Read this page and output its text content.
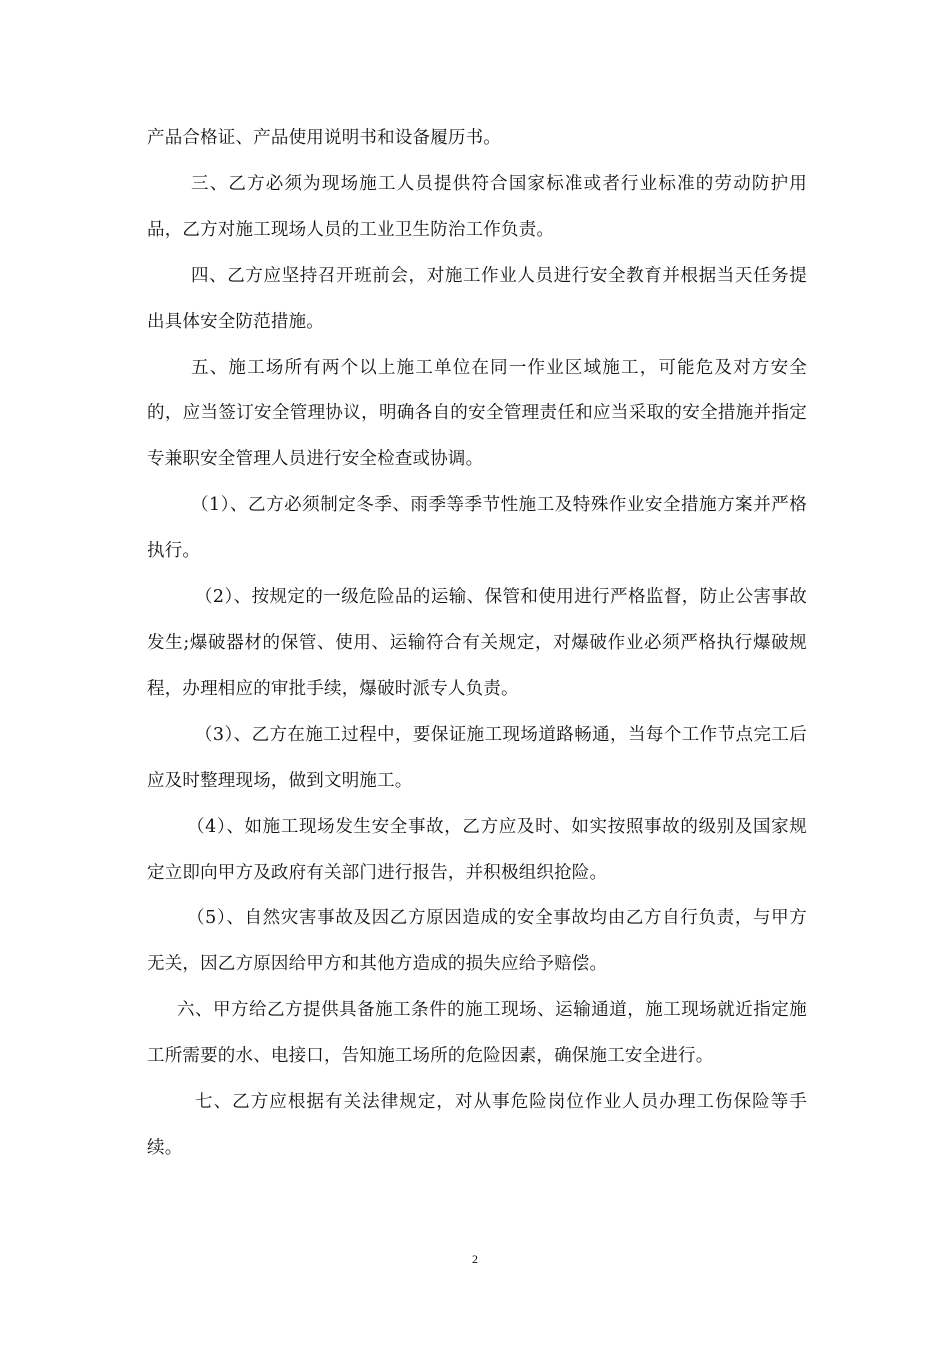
产品合格证、产品使用说明书和设备履历书。

三、乙方必须为现场施工人员提供符合国家标准或者行业标准的劳动防护用品，乙方对施工现场人员的工业卫生防治工作负责。

四、乙方应坚持召开班前会，对施工作业人员进行安全教育并根据当天任务提出具体安全防范措施。

五、施工场所有两个以上施工单位在同一作业区域施工，可能危及对方安全的，应当签订安全管理协议，明确各自的安全管理责任和应当采取的安全措施并指定专兼职安全管理人员进行安全检查或协调。

（1）、乙方必须制定冬季、雨季等季节性施工及特殊作业安全措施方案并严格执行。

（2）、按规定的一级危险品的运输、保管和使用进行严格监督，防止公害事故发生;爆破器材的保管、使用、运输符合有关规定，对爆破作业必须严格执行爆破规程，办理相应的审批手续，爆破时派专人负责。

（3）、乙方在施工过程中，要保证施工现场道路畅通，当每个工作节点完工后应及时整理现场，做到文明施工。

（4）、如施工现场发生安全事故，乙方应及时、如实按照事故的级别及国家规定立即向甲方及政府有关部门进行报告，并积极组织抢险。

（5）、自然灾害事故及因乙方原因造成的安全事故均由乙方自行负责，与甲方无关，因乙方原因给甲方和其他方造成的损失应给予赔偿。

六、甲方给乙方提供具备施工条件的施工现场、运输通道，施工现场就近指定施工所需要的水、电接口，告知施工场所的危险因素，确保施工安全进行。

七、乙方应根据有关法律规定，对从事危险岗位作业人员办理工伤保险等手续。

2
